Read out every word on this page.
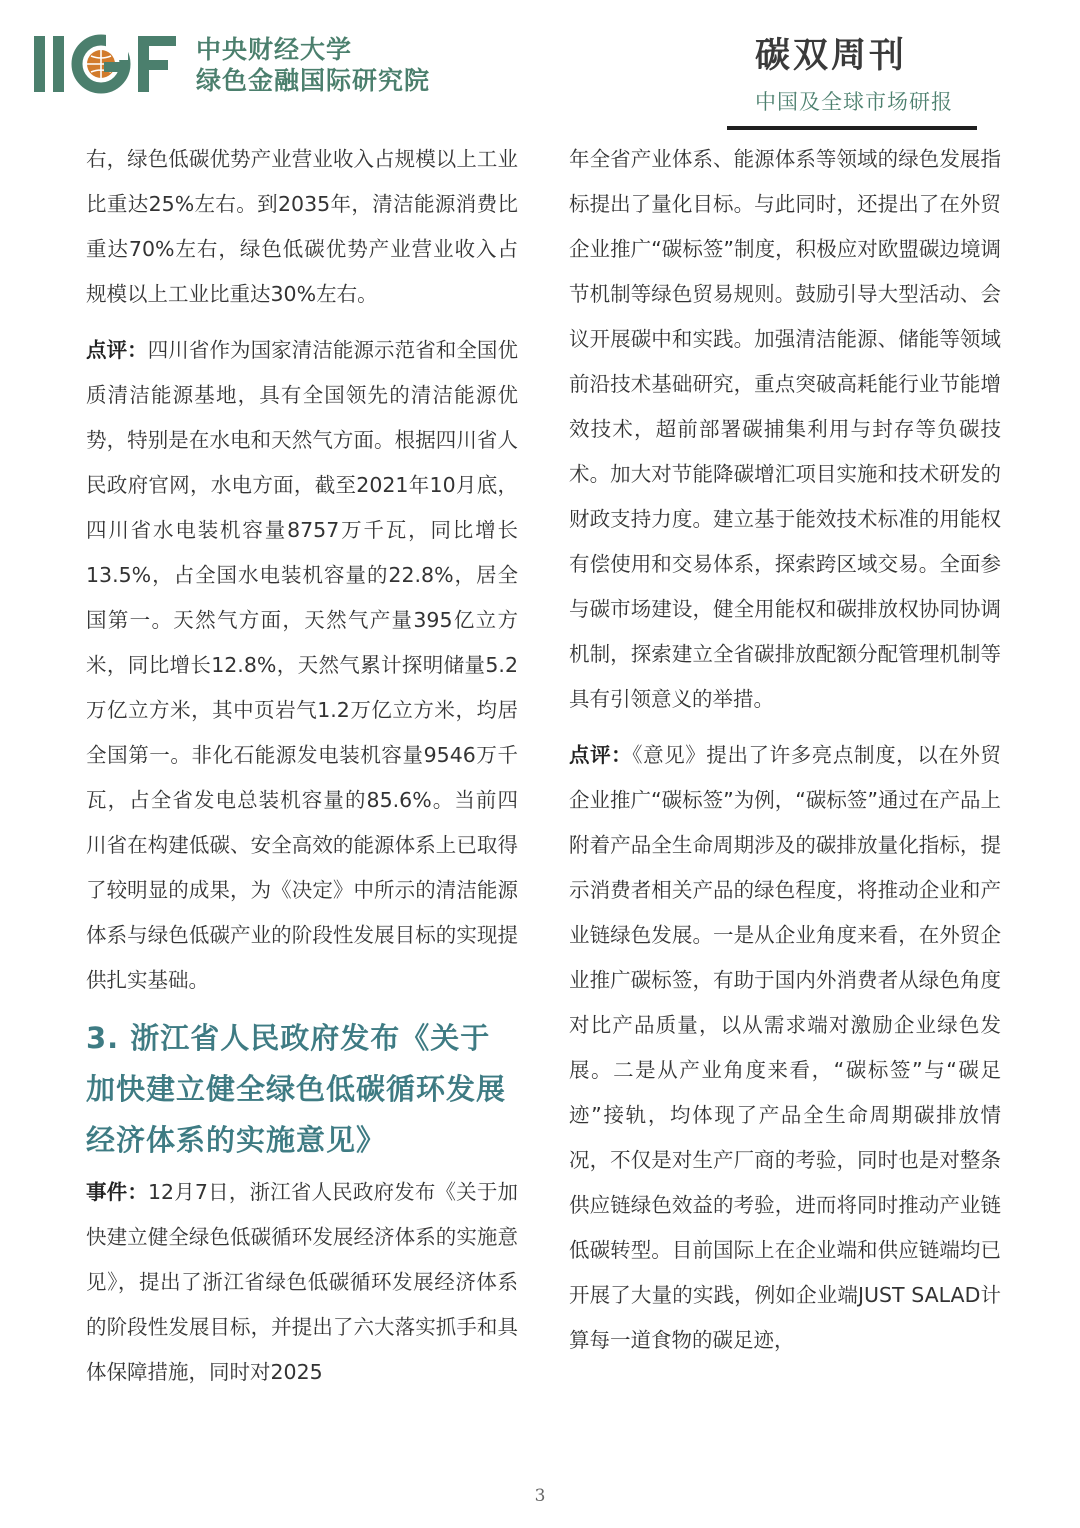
中央财经大学
绿色金融国际研究院
碳双周刊
中国及全球市场研报

右，绿色低碳优势产业营业收入占规模以上工业比重达25%左右。到2035年，清洁能源消费比重达70%左右，绿色低碳优势产业营业收入占规模以上工业比重达30%左右。

点评：四川省作为国家清洁能源示范省和全国优质清洁能源基地，具有全国领先的清洁能源优势，特别是在水电和天然气方面。根据四川省人民政府官网，水电方面，截至2021年10月底，四川省水电装机容量8757万千瓦，同比增长13.5%，占全国水电装机容量的22.8%，居全国第一。天然气方面，天然气产量395亿立方米，同比增长12.8%，天然气累计探明储量5.2万亿立方米，其中页岩气1.2万亿立方米，均居全国第一。非化石能源发电装机容量9546万千瓦，占全省发电总装机容量的85.6%。当前四川省在构建低碳、安全高效的能源体系上已取得了较明显的成果，为《决定》中所示的清洁能源体系与绿色低碳产业的阶段性发展目标的实现提供扎实基础。

3. 浙江省人民政府发布《关于加快建立健全绿色低碳循环发展经济体系的实施意见》

事件：12月7日，浙江省人民政府发布《关于加快建立健全绿色低碳循环发展经济体系的实施意见》，提出了浙江省绿色低碳循环发展经济体系的阶段性发展目标，并提出了六大落实抓手和具体保障措施，同时对2025

年全省产业体系、能源体系等领域的绿色发展指标提出了量化目标。与此同时，还提出了在外贸企业推广“碳标签”制度，积极应对欧盟碳边境调节机制等绿色贸易规则。鼓励引导大型活动、会议开展碳中和实践。加强清洁能源、储能等领域前沿技术基础研究，重点突破高耗能行业节能增效技术，超前部署碳捕集利用与封存等负碳技术。加大对节能降碳增汇项目实施和技术研发的财政支持力度。建立基于能效技术标准的用能权有偿使用和交易体系，探索跨区域交易。全面参与碳市场建设，健全用能权和碳排放权协同协调机制，探索建立全省碳排放配额分配管理机制等具有引领意义的举措。

点评：《意见》提出了许多亮点制度，以在外贸企业推广“碳标签”为例，“碳标签”通过在产品上附着产品全生命周期涉及的碳排放量化指标，提示消费者相关产品的绿色程度，将推动企业和产业链绿色发展。一是从企业角度来看，在外贸企业推广碳标签，有助于国内外消费者从绿色角度对比产品质量，以从需求端对激励企业绿色发展。二是从产业角度来看，“碳标签”与“碳足迹”接轨，均体现了产品全生命周期碳排放情况，不仅是对生产厂商的考验，同时也是对整条供应链绿色效益的考验，进而将同时推动产业链低碳转型。目前国际上在企业端和供应链端均已开展了大量的实践，例如企业端JUST SALAD计算每一道食物的碳足迹，

3
